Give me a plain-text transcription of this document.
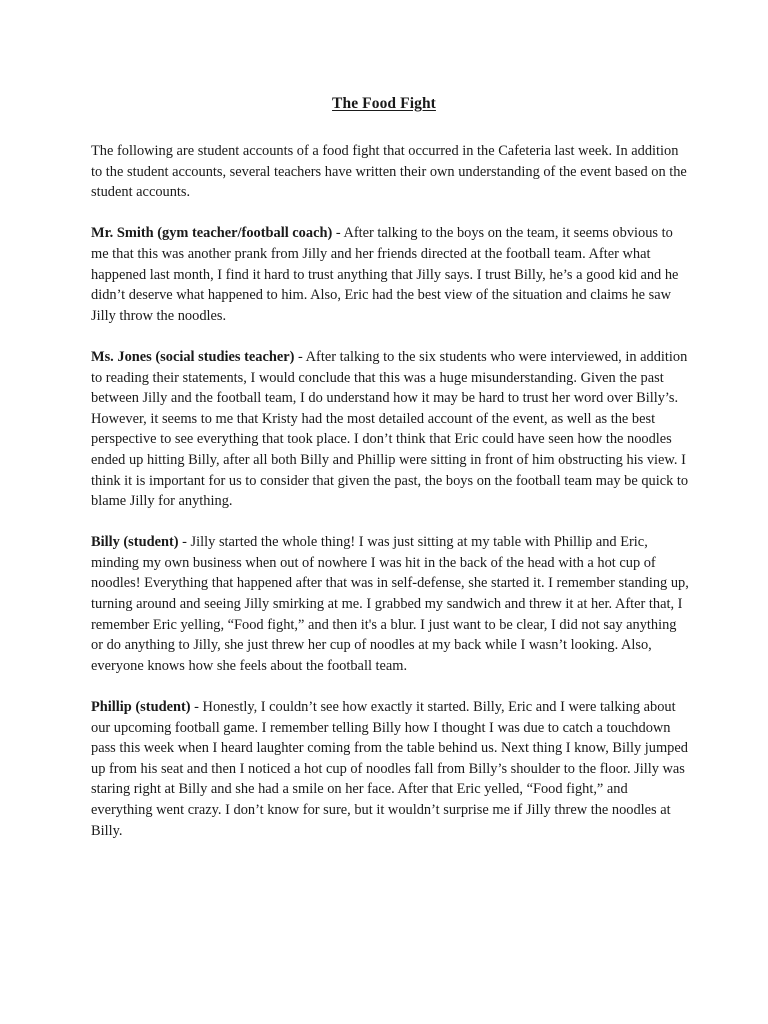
The Food Fight

The following are student accounts of a food fight that occurred in the Cafeteria last week. In addition to the student accounts, several teachers have written their own understanding of the event based on the student accounts.

Mr. Smith (gym teacher/football coach) - After talking to the boys on the team, it seems obvious to me that this was another prank from Jilly and her friends directed at the football team. After what happened last month, I find it hard to trust anything that Jilly says. I trust Billy, he’s a good kid and he didn’t deserve what happened to him. Also, Eric had the best view of the situation and claims he saw Jilly throw the noodles.

Ms. Jones (social studies teacher) - After talking to the six students who were interviewed, in addition to reading their statements, I would conclude that this was a huge misunderstanding. Given the past between Jilly and the football team, I do understand how it may be hard to trust her word over Billy’s. However, it seems to me that Kristy had the most detailed account of the event, as well as the best perspective to see everything that took place. I don’t think that Eric could have seen how the noodles ended up hitting Billy, after all both Billy and Phillip were sitting in front of him obstructing his view. I think it is important for us to consider that given the past, the boys on the football team may be quick to blame Jilly for anything.

Billy (student) - Jilly started the whole thing! I was just sitting at my table with Phillip and Eric, minding my own business when out of nowhere I was hit in the back of the head with a hot cup of noodles! Everything that happened after that was in self-defense, she started it. I remember standing up, turning around and seeing Jilly smirking at me. I grabbed my sandwich and threw it at her. After that, I remember Eric yelling, “Food fight,” and then it's a blur. I just want to be clear, I did not say anything or do anything to Jilly, she just threw her cup of noodles at my back while I wasn’t looking. Also, everyone knows how she feels about the football team.

Phillip (student) - Honestly, I couldn’t see how exactly it started. Billy, Eric and I were talking about our upcoming football game. I remember telling Billy how I thought I was due to catch a touchdown pass this week when I heard laughter coming from the table behind us. Next thing I know, Billy jumped up from his seat and then I noticed a hot cup of noodles fall from Billy’s shoulder to the floor. Jilly was staring right at Billy and she had a smile on her face. After that Eric yelled, “Food fight,” and everything went crazy. I don’t know for sure, but it wouldn’t surprise me if Jilly threw the noodles at Billy.
